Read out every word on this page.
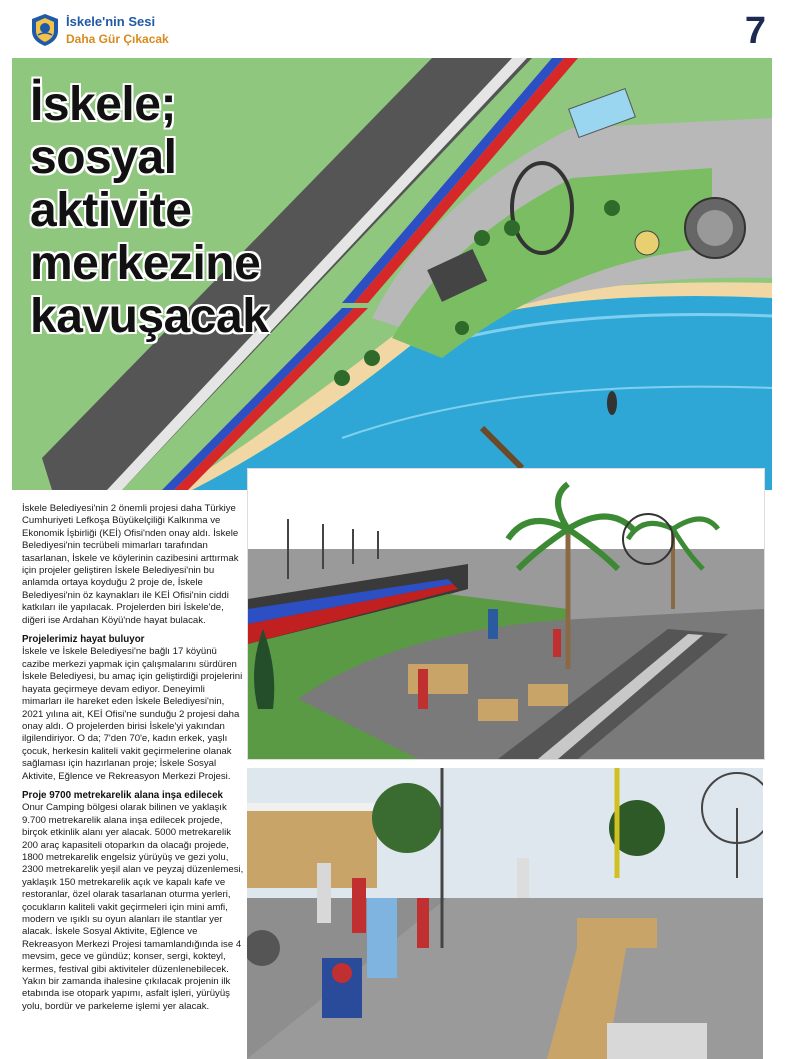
İskele'nin Sesi
Daha Gür Çıkacak	7
İskele;
sosyal
aktivite
merkezine
kavuşacak

İskele Belediyesi'nin 2 önemli projesi daha Türkiye Cumhuriyeti Lefkoşa Büyükelçiliği Kalkınma ve Ekonomik İşbirliği (KEİ) Ofisi'nden onay aldı. İskele Belediyesi'nin tecrübeli mimarları tarafından tasarlanan, İskele ve köylerinin cazibesini arttırmak için projeler geliştiren İskele Belediyesi'nin bu anlamda ortaya koyduğu 2 proje de, İskele Belediyesi'nin öz kaynakları ile KEİ Ofisi'nin ciddi katkıları ile yapılacak. Projelerden biri İskele'de, diğeri ise Ardahan Köyü'nde hayat bulacak.

Projelerimiz hayat buluyor

İskele ve İskele Belediyesi'ne bağlı 17 köyünü cazibe merkezi yapmak için çalışmalarını sürdüren İskele Belediyesi, bu amaç için geliştirdiği projelerini hayata geçirmeye devam ediyor. Deneyimli mimarları ile hareket eden İskele Belediyesi'nin, 2021 yılına ait, KEİ Ofisi'ne sunduğu 2 projesi daha onay aldı. O projelerden birisi İskele'yi yakından ilgilendiriyor. O da; 7'den 70'e, kadın erkek, yaşlı çocuk, herkesin kaliteli vakit geçirmelerine olanak sağlaması için hazırlanan proje; İskele Sosyal Aktivite, Eğlence ve Rekreasyon Merkezi Projesi.

Proje 9700 metrekarelik alana inşa edilecek

Onur Camping bölgesi olarak bilinen ve yaklaşık 9.700 metrekarelik alana inşa edilecek projede, birçok etkinlik alanı yer alacak. 5000 metrekarelik 200 araç kapasiteli otoparkın da olacağı projede, 1800 metrekarelik engelsiz yürüyüş ve gezi yolu, 2300 metrekarelik yeşil alan ve peyzaj düzenlemesi, yaklaşık 150 metrekarelik açık ve kapalı kafe ve restoranlar, özel olarak tasarlanan oturma yerleri, çocukların kaliteli vakit geçirmeleri için mini amfi, modern ve ışıklı su oyun alanları ile stantlar yer alacak. İskele Sosyal Aktivite, Eğlence ve Rekreasyon Merkezi Projesi tamamlandığında ise 4 mevsim, gece ve gündüz; konser, sergi, kokteyl, kermes, festival gibi aktiviteler düzenlenebilecek.

Yakın bir zamanda ihalesine çıkılacak projenin ilk etabında ise otopark yapımı, asfalt işleri, yürüyüş yolu, bordür ve parkeleme işlemi yer alacak.
